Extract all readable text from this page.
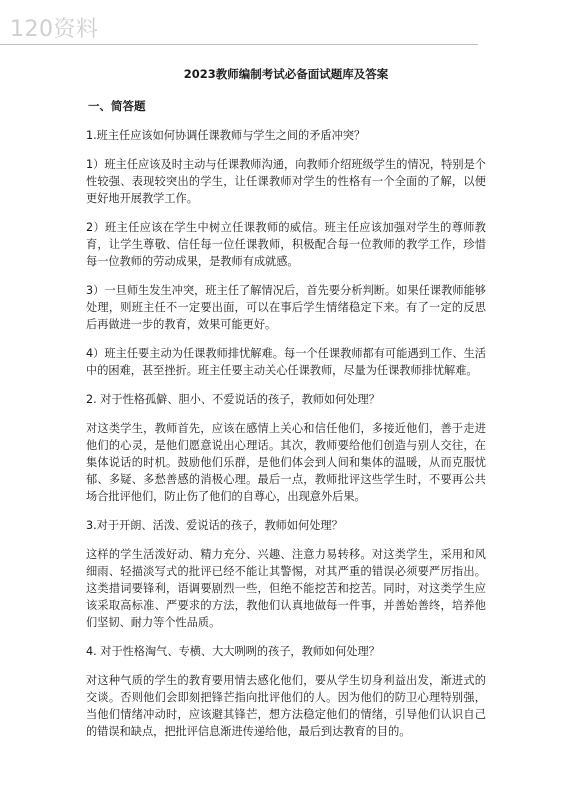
120资料
2023教师编制考试必备面试题库及答案
一、简答题
1.班主任应该如何协调任课教师与学生之间的矛盾冲突？
1）班主任应该及时主动与任课教师沟通，向教师介绍班级学生的情况，特别是个性较强、表现较突出的学生，让任课教师对学生的性格有一个全面的了解，以便更好地开展教学工作。
2）班主任应该在学生中树立任课教师的威信。班主任应该加强对学生的尊师教育，让学生尊敬、信任每一位任课教师，积极配合每一位教师的教学工作，珍惜每一位教师的劳动成果，是教师有成就感。
3）一旦师生发生冲突，班主任了解情况后，首先要分析判断。如果任课教师能够处理，则班主任不一定要出面，可以在事后学生情绪稳定下来。有了一定的反思后再做进一步的教育，效果可能更好。
4）班主任要主动为任课教师排忧解难。每一个任课教师都有可能遇到工作、生活中的困难，甚至挫折。班主任要主动关心任课教师，尽量为任课教师排忧解难。
2. 对于性格孤僻、胆小、不爱说话的孩子，教师如何处理？
对这类学生，教师首先，应该在感情上关心和信任他们，多接近他们，善于走进他们的心灵，是他们愿意说出心理话。其次，教师要给他们创造与别人交往，在集体说话的时机。鼓励他们乐群，是他们体会到人间和集体的温暖，从而克服忧郁、多疑、多愁善感的消极心理。最后一点，教师批评这些学生时，不要再公共场合批评他们，防止伤了他们的自尊心，出现意外后果。
3.对于开朗、活泼、爱说话的孩子，教师如何处理？
这样的学生活泼好动、精力充分、兴趣、注意力易转移。对这类学生，采用和风细雨、轻描淡写式的批评已经不能让其警惕，对其严重的错误必须要严厉指出。这类措词要锋利，语调要剧烈一些，但绝不能挖苦和挖苦。同时，对这类学生应该采取高标准、严要求的方法，教他们认真地做每一件事，并善始善终，培养他们坚韧、耐力等个性品质。
4. 对于性格淘气、专横、大大咧咧的孩子，教师如何处理？
对这种气质的学生的教育要用情去感化他们，要从学生切身利益出发，渐进式的交谈。否则他们会即刻把锋芒指向批评他们的人。因为他们的防卫心理特别强，当他们情绪冲动时，应该避其锋芒，想方法稳定他们的情绪，引导他们认识自己的错误和缺点，把批评信息渐进传递给他，最后到达教育的目的。
